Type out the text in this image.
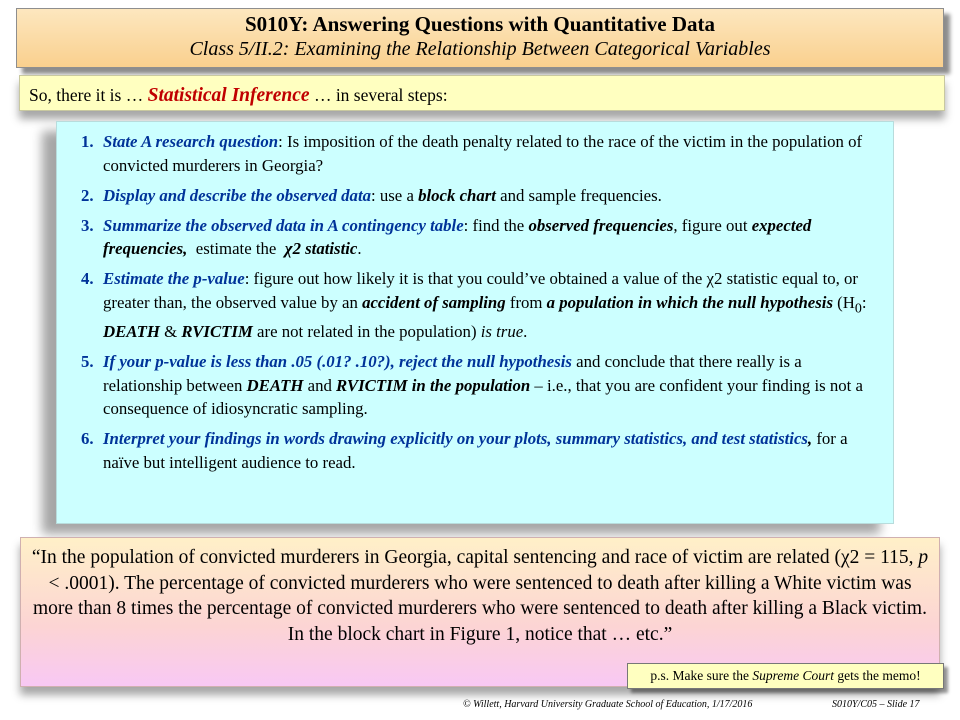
S010Y: Answering Questions with Quantitative Data
Class 5/II.2: Examining the Relationship Between Categorical Variables
So, there it is … Statistical Inference … in several steps:
1. State A research question: Is imposition of the death penalty related to the race of the victim in the population of convicted murderers in Georgia?
2. Display and describe the observed data: use a block chart and sample frequencies.
3. Summarize the observed data in A contingency table: find the observed frequencies, figure out expected frequencies,  estimate the  χ2 statistic.
4. Estimate the p-value: figure out how likely it is that you could’ve obtained a value of the χ2 statistic equal to, or greater than, the observed value by an accident of sampling from a population in which the null hypothesis ($H_0$: DEATH & RVICTIM are not related in the population) is true.
5. If your p-value is less than .05 (.01? .10?), reject the null hypothesis and conclude that there really is a relationship between DEATH and RVICTIM in the population – i.e., that you are confident your finding is not a consequence of idiosyncratic sampling.
6. Interpret your findings in words drawing explicitly on your plots, summary statistics, and test statistics, for a naïve but intelligent audience to read.
“In the population of convicted murderers in Georgia, capital sentencing and race of victim are related (χ2 = 115, p < .0001). The percentage of convicted murderers who were sentenced to death after killing a White victim was more than 8 times the percentage of convicted murderers who were sentenced to death after killing a Black victim. In the block chart in Figure 1, notice that … etc.”
p.s. Make sure the Supreme Court gets the memo!
© Willett, Harvard University Graduate School of Education, 1/17/2016	S010Y/C05 – Slide 17
